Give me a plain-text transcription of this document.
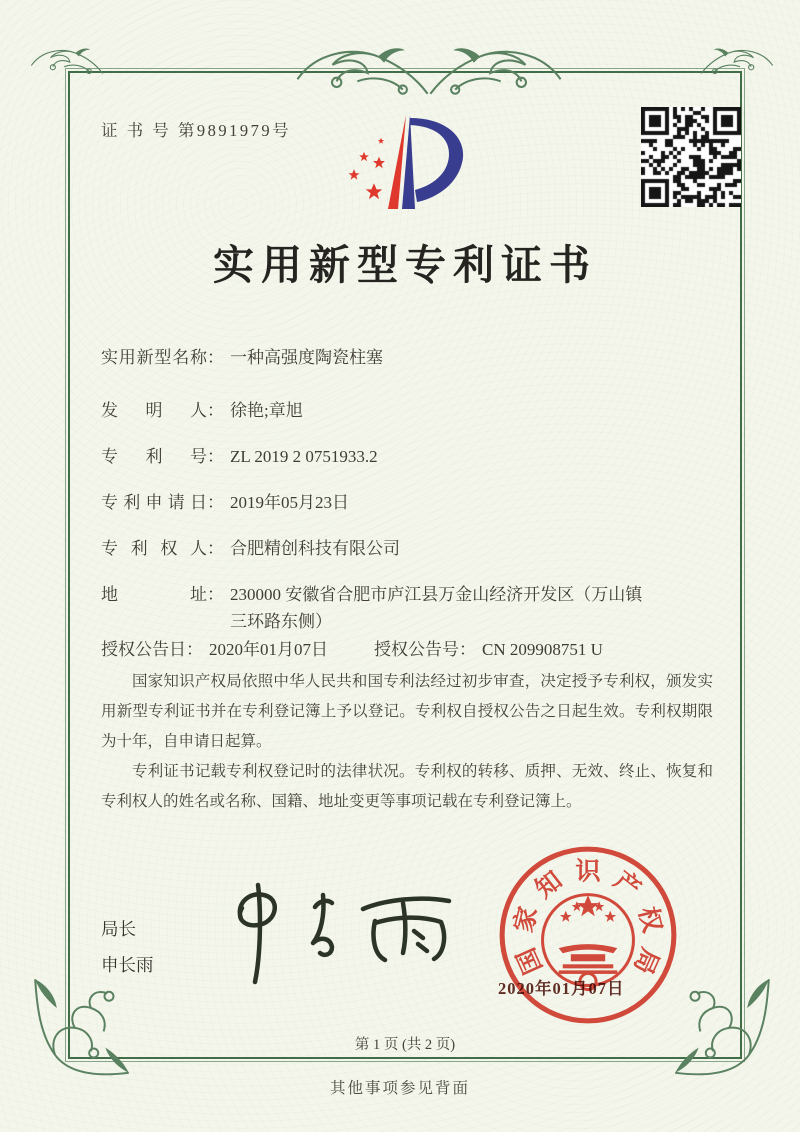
证 书 号 第9891979号
实用新型专利证书
实用新型名称 ： 一种高强度陶瓷柱塞
发明人 ： 徐艳;章旭
专利号 ： ZL 2019 2 0751933.2
专利申请日 ： 2019年05月23日
专利权人 ： 合肥精创科技有限公司
地址 ： 230000 安徽省合肥市庐江县万金山经济开发区（万山镇三环路东侧）
授权公告日： 2020年01月07日	授权公告号： CN 209908751 U

国家知识产权局依照中华人民共和国专利法经过初步审查，决定授予专利权，颁发实用新型专利证书并在专利登记簿上予以登记。专利权自授权公告之日起生效。专利权期限为十年，自申请日起算。

专利证书记载专利权登记时的法律状况。专利权的转移、质押、无效、终止、恢复和专利权人的姓名或名称、国籍、地址变更等事项记载在专利登记簿上。

局长
申长雨
2020年01月07日
国
家
知 识 产
权
局
第 1 页 (共 2 页)
其他事项参见背面
